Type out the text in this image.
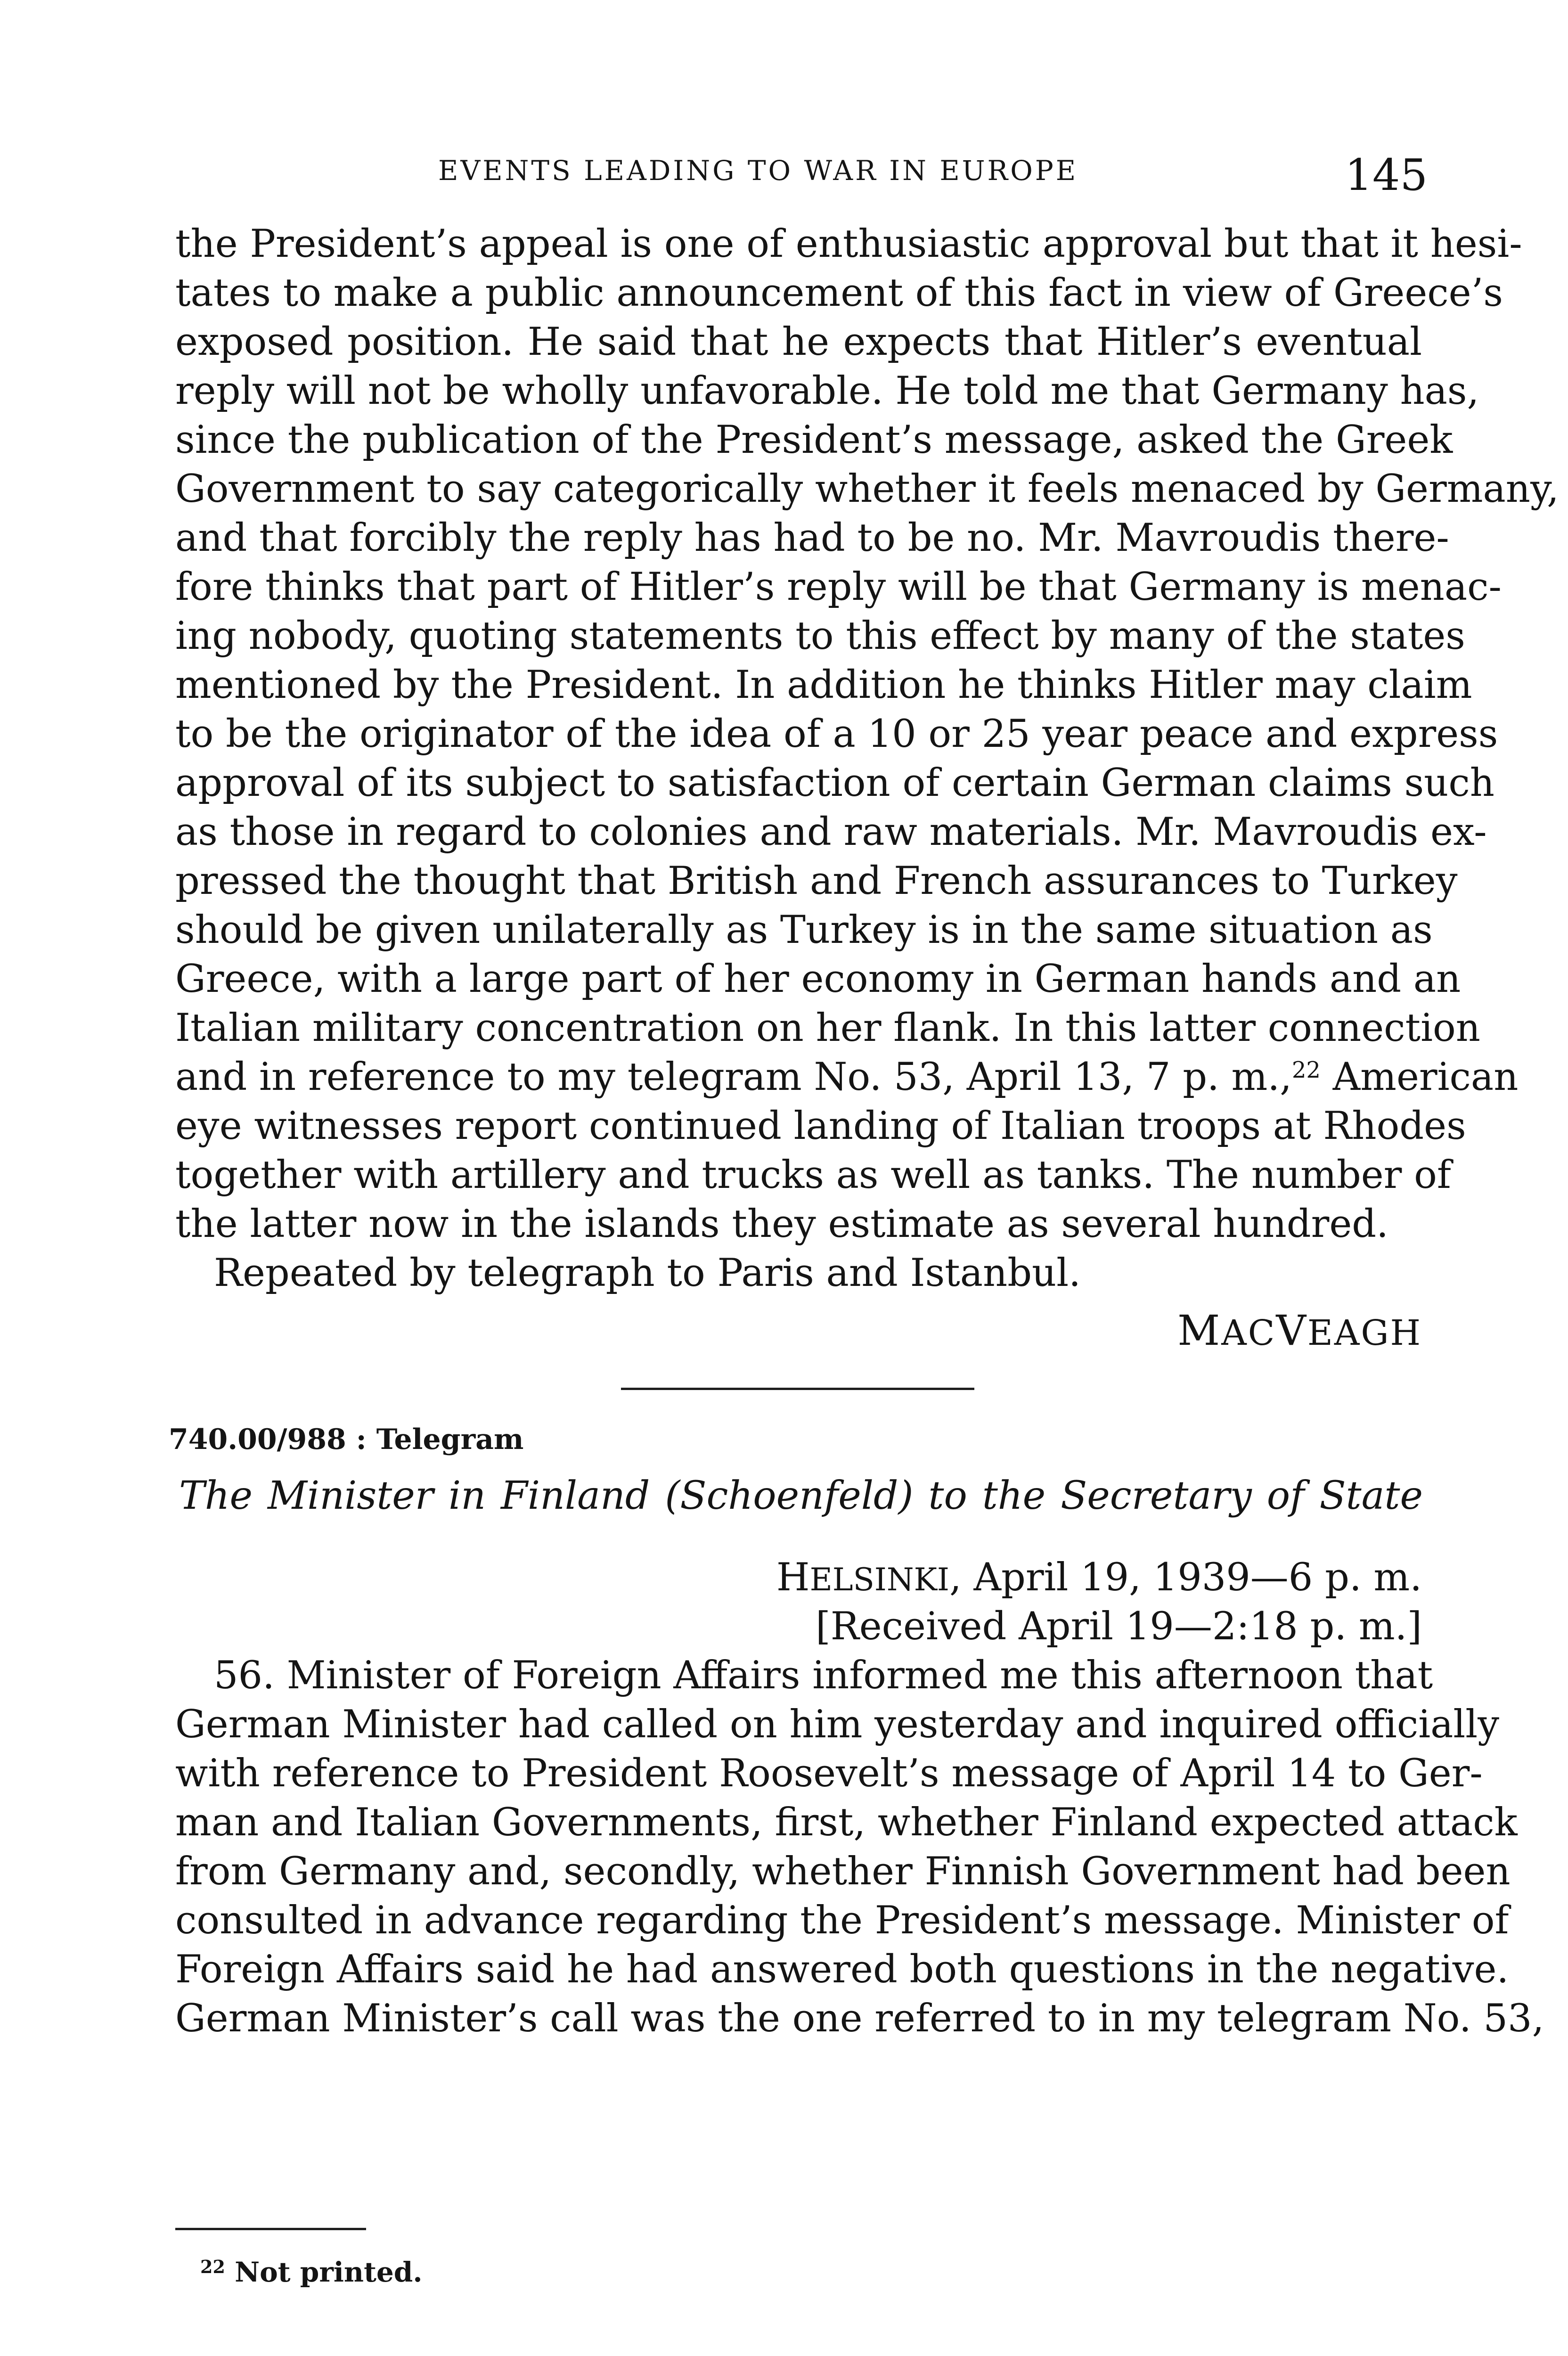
EVENTS LEADING TO WAR IN EUROPE	145
the President’s appeal is one of enthusiastic approval but that it hesi-
tates to make a public announcement of this fact in view of Greece’s
exposed position. He said that he expects that Hitler’s eventual
reply will not be wholly unfavorable. He told me that Germany has,
since the publication of the President’s message, asked the Greek
Government to say categorically whether it feels menaced by Germany,
and that forcibly the reply has had to be no. Mr. Mavroudis there-
fore thinks that part of Hitler’s reply will be that Germany is menac-
ing nobody, quoting statements to this effect by many of the states
mentioned by the President. In addition he thinks Hitler may claim
to be the originator of the idea of a 10 or 25 year peace and express
approval of its subject to satisfaction of certain German claims such
as those in regard to colonies and raw materials. Mr. Mavroudis ex-
pressed the thought that British and French assurances to Turkey
should be given unilaterally as Turkey is in the same situation as
Greece, with a large part of her economy in German hands and an
Italian military concentration on her flank. In this latter connection
and in reference to my telegram No. 53, April 13, 7 p. m.,$^{22}$ American
eye witnesses report continued landing of Italian troops at Rhodes
together with artillery and trucks as well as tanks. The number of
the latter now in the islands they estimate as several hundred.
Repeated by telegraph to Paris and Istanbul.
MACVEAGH
740.00/988 : Telegram
The Minister in Finland (Schoenfeld) to the Secretary of State
HELSINKI, April 19, 1939—6 p. m.
[Received April 19—2:18 p. m.]
56. Minister of Foreign Affairs informed me this afternoon that
German Minister had called on him yesterday and inquired officially
with reference to President Roosevelt’s message of April 14 to Ger-
man and Italian Governments, first, whether Finland expected attack
from Germany and, secondly, whether Finnish Government had been
consulted in advance regarding the President’s message. Minister of
Foreign Affairs said he had answered both questions in the negative.
German Minister’s call was the one referred to in my telegram No. 53,
$^{22}$ Not printed.
